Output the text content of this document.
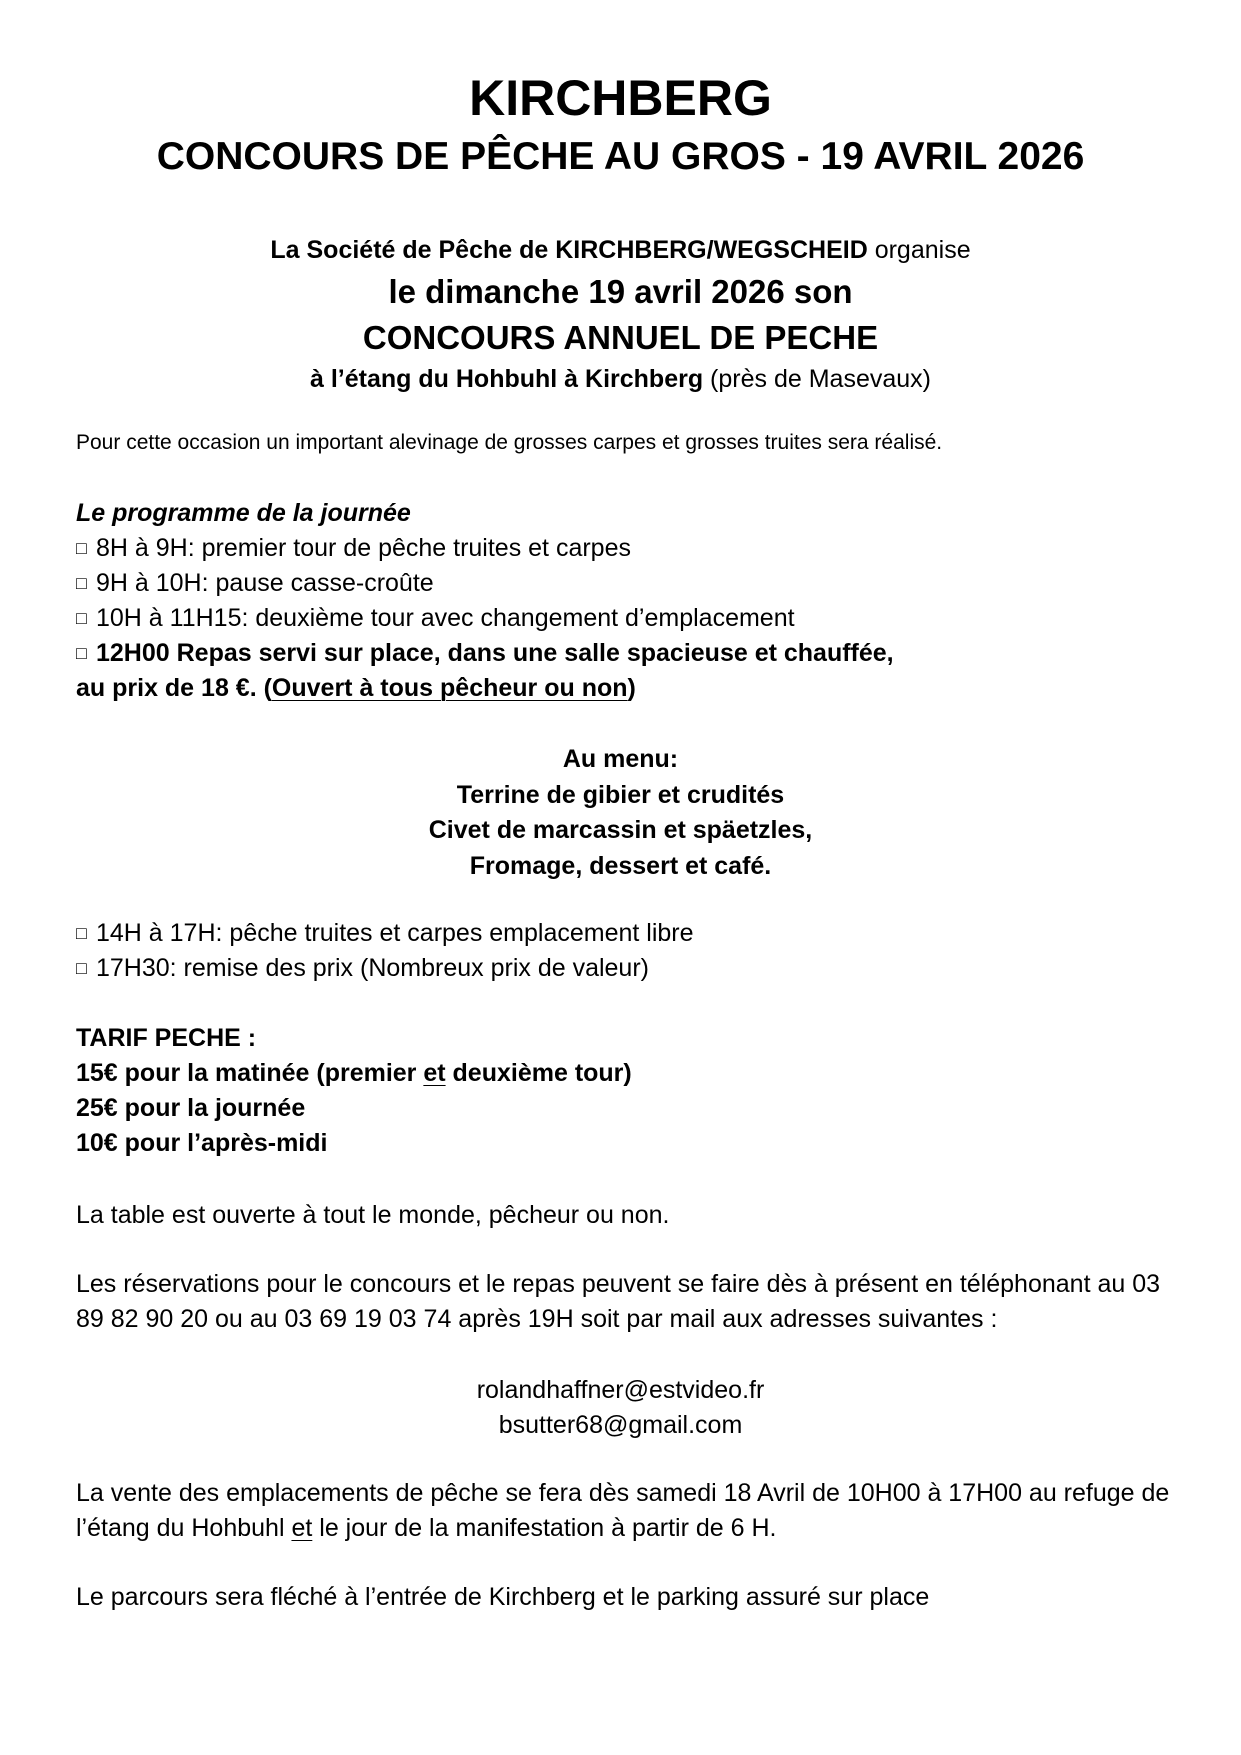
KIRCHBERG
CONCOURS DE PÊCHE AU GROS - 19 AVRIL 2026
La Société de Pêche de KIRCHBERG/WEGSCHEID organise
le dimanche 19 avril 2026 son
CONCOURS ANNUEL DE PECHE
à l’étang du Hohbuhl à Kirchberg (près de Masevaux)
Pour cette occasion un important alevinage de grosses carpes et grosses truites sera réalisé.
Le programme de la journée
□ 8H à 9H: premier tour de pêche truites et carpes
□ 9H à 10H: pause casse-croûte
□ 10H à 11H15: deuxième tour avec changement d’emplacement
□ 12H00 Repas servi sur place, dans une salle spacieuse et chauffée,
au prix de 18 €. (Ouvert à tous pêcheur ou non)
Au menu:
Terrine de gibier et crudités
Civet de marcassin et späetzles,
Fromage, dessert et café.
□ 14H à 17H: pêche truites et carpes emplacement libre
□ 17H30: remise des prix (Nombreux prix de valeur)
TARIF PECHE :
15€ pour la matinée (premier et deuxième tour)
25€ pour la journée
10€ pour l’après-midi
La table est ouverte à tout le monde, pêcheur ou non.
Les réservations pour le concours et le repas peuvent se faire dès à présent en téléphonant au 03 89 82 90 20 ou au 03 69 19 03 74 après 19H soit par mail aux adresses suivantes :
rolandhaffner@estvideo.fr
bsutter68@gmail.com
La vente des emplacements de pêche se fera dès samedi 18 Avril de 10H00 à 17H00 au refuge de l’étang du Hohbuhl et le jour de la manifestation à partir de 6 H.
Le parcours sera fléché à l’entrée de Kirchberg et le parking assuré sur place
